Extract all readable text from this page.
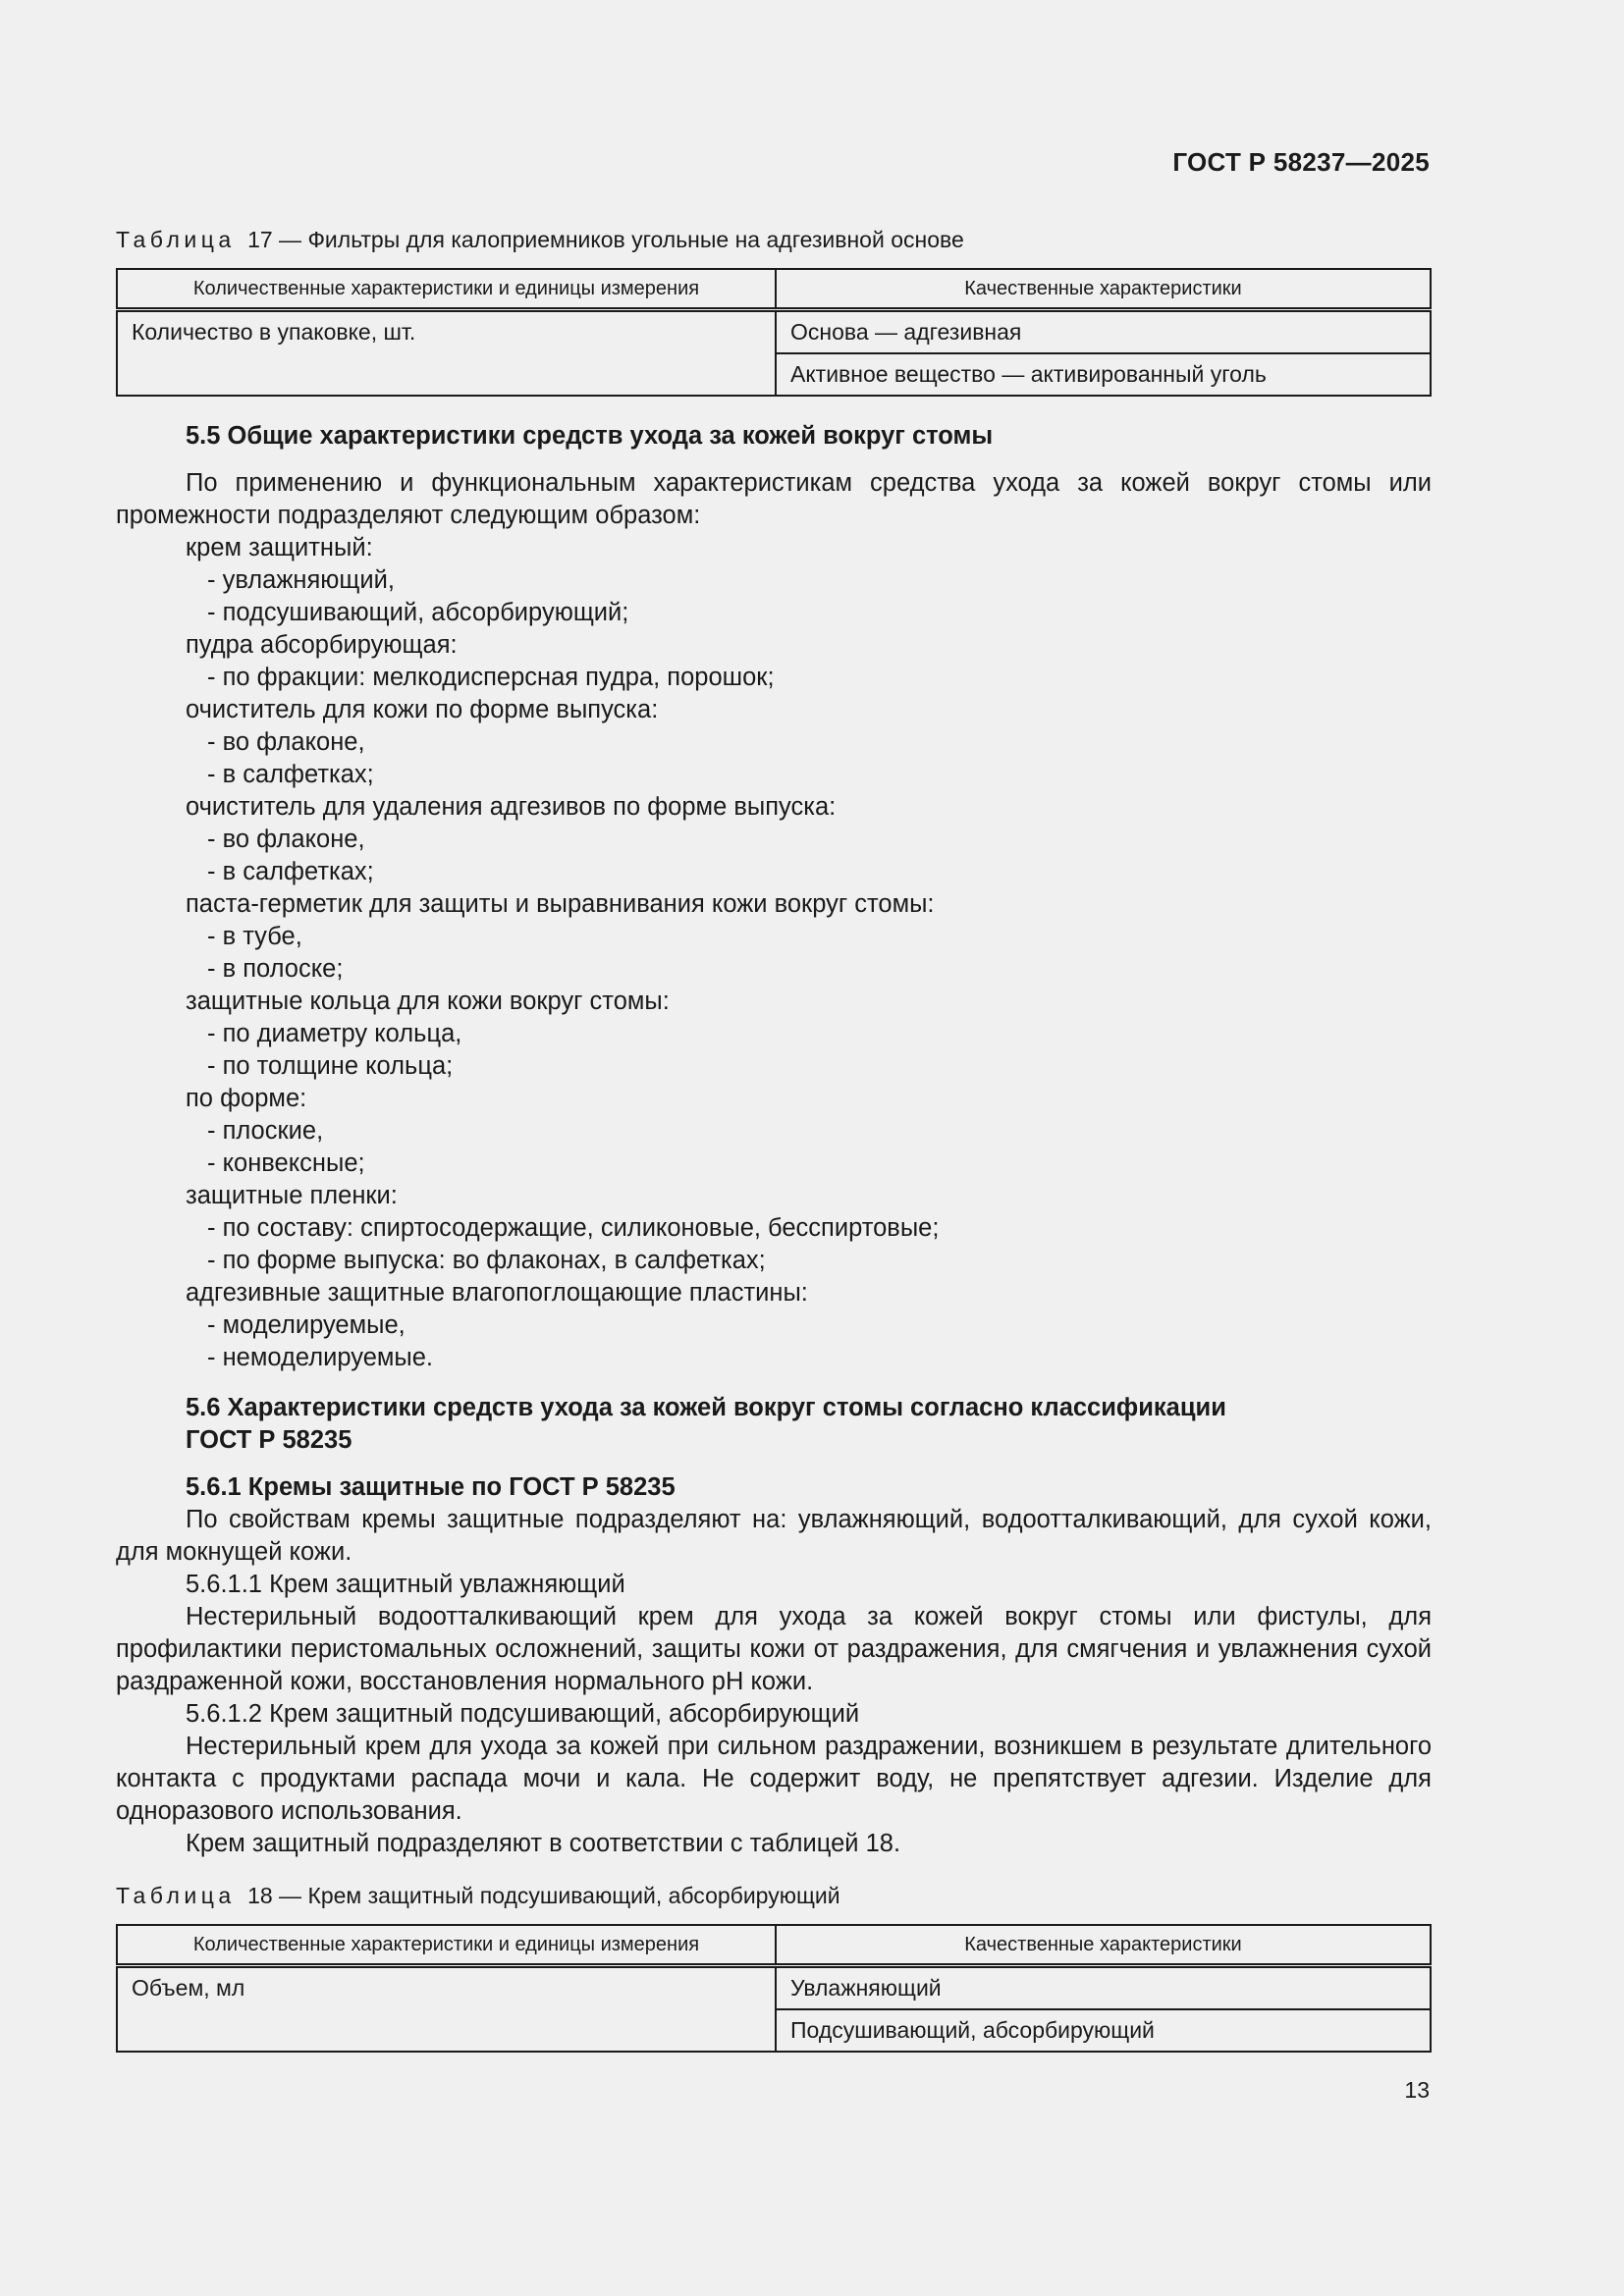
ГОСТ Р 58237—2025
Таблица 17 — Фильтры для калоприемников угольные на адгезивной основе
Количественные характеристики и единицы измерения	Качественные характеристики
Количество в упаковке, шт.	Основа — адгезивная
	Активное вещество — активированный уголь

5.5 Общие характеристики средств ухода за кожей вокруг стомы

По применению и функциональным характеристикам средства ухода за кожей вокруг стомы или промежности подразделяют следующим образом:

крем защитный:

- увлажняющий,

- подсушивающий, абсорбирующий;

пудра абсорбирующая:

- по фракции: мелкодисперсная пудра, порошок;

очиститель для кожи по форме выпуска:

- во флаконе,

- в салфетках;

очиститель для удаления адгезивов по форме выпуска:

- во флаконе,

- в салфетках;

паста-герметик для защиты и выравнивания кожи вокруг стомы:

- в тубе,

- в полоске;

защитные кольца для кожи вокруг стомы:

- по диаметру кольца,

- по толщине кольца;

по форме:

- плоские,

- конвексные;

защитные пленки:

- по составу: спиртосодержащие, силиконовые, бесспиртовые;

- по форме выпуска: во флаконах, в салфетках;

адгезивные защитные влагопоглощающие пластины:

- моделируемые,

- немоделируемые.

5.6 Характеристики средств ухода за кожей вокруг стомы согласно классификации

ГОСТ Р 58235

5.6.1 Кремы защитные по ГОСТ Р 58235

По свойствам кремы защитные подразделяют на: увлажняющий, водоотталкивающий, для сухой кожи, для мокнущей кожи.

5.6.1.1 Крем защитный увлажняющий

Нестерильный водоотталкивающий крем для ухода за кожей вокруг стомы или фистулы, для профилактики перистомальных осложнений, защиты кожи от раздражения, для смягчения и увлажнения сухой раздраженной кожи, восстановления нормального pH кожи.

5.6.1.2 Крем защитный подсушивающий, абсорбирующий

Нестерильный крем для ухода за кожей при сильном раздражении, возникшем в результате длительного контакта с продуктами распада мочи и кала. Не содержит воду, не препятствует адгезии. Изделие для одноразового использования.

Крем защитный подразделяют в соответствии с таблицей 18.

Таблица 18 — Крем защитный подсушивающий, абсорбирующий
Количественные характеристики и единицы измерения	Качественные характеристики
Объем, мл	Увлажняющий
	Подсушивающий, абсорбирующий
13
